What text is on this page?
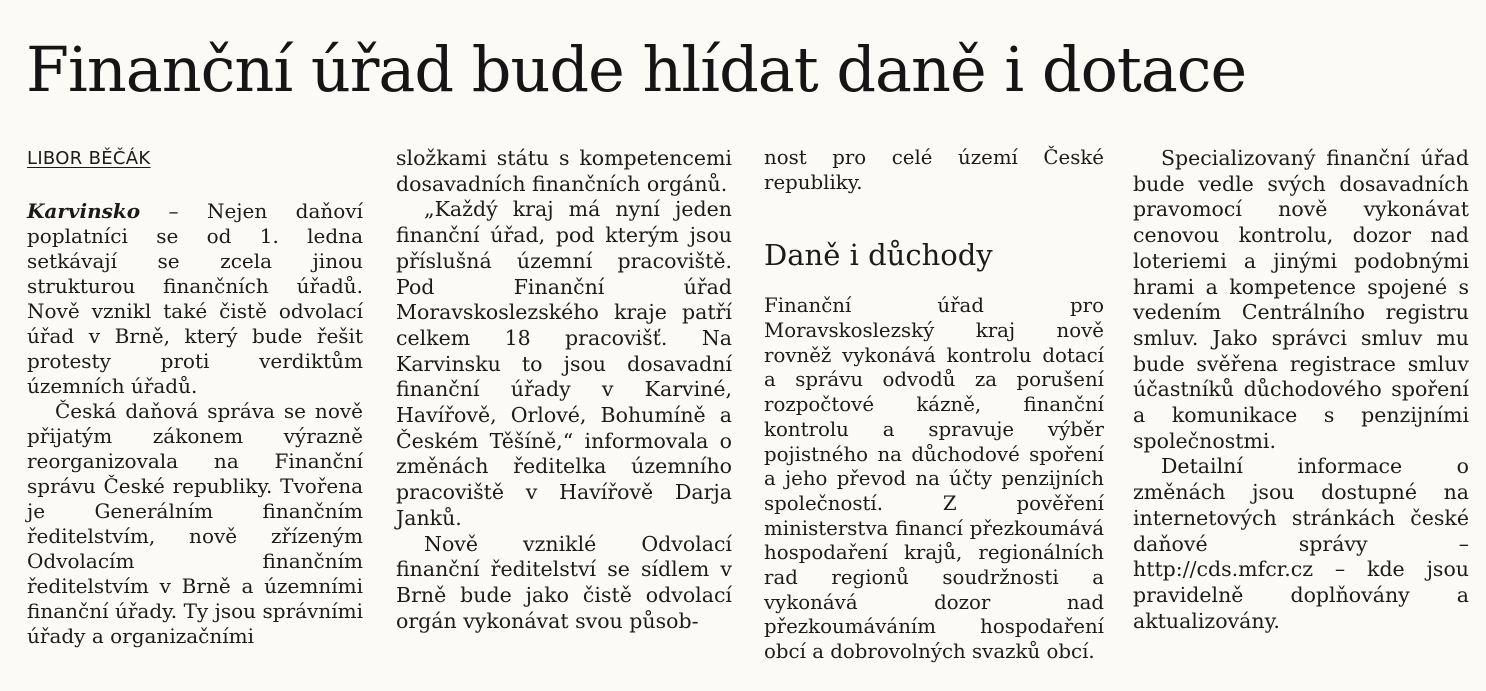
Finanční úřad bude hlídat daně i dotace

LIBOR BĚČÁK

Karvinsko – Nejen daňoví poplatníci se od 1. ledna setkávají se zcela jinou strukturou finančních úřadů. Nově vznikl také čistě odvolací úřad v Brně, který bude řešit protesty proti verdiktům územních úřadů.

Česká daňová správa se nově přijatým zákonem výrazně reorganizovala na Finanční správu České republiky. Tvořena je Generálním finančním ředitelstvím, nově zřízeným Odvolacím finančním ředitelstvím v Brně a územními finanční úřady. Ty jsou správními úřady a organizačními

složkami státu s kompetencemi dosavadních finančních orgánů.

„Každý kraj má nyní jeden finanční úřad, pod kterým jsou příslušná územní pracoviště. Pod Finanční úřad Moravskoslezského kraje patří celkem 18 pracovišť. Na Karvinsku to jsou dosavadní finanční úřady v Karviné, Havířově, Orlové, Bohumíně a Českém Těšíně,“ informovala o změnách ředitelka územního pracoviště v Havířově Darja Janků.

Nově vzniklé Odvolací finanční ředitelství se sídlem v Brně bude jako čistě odvolací orgán vykonávat svou působ-

nost pro celé území České republiky.

Daně i důchody

Finanční úřad pro Moravskoslezský kraj nově rovněž vykonává kontrolu dotací a správu odvodů za porušení rozpočtové kázně, finanční kontrolu a spravuje výběr pojistného na důchodové spoření a jeho převod na účty penzijních společností. Z pověření ministerstva financí přezkoumává hospodaření krajů, regionálních rad regionů soudržnosti a vykonává dozor nad přezkoumáváním hospodaření obcí a dobrovolných svazků obcí.

Specializovaný finanční úřad bude vedle svých dosavadních pravomocí nově vykonávat cenovou kontrolu, dozor nad loteriemi a jinými podobnými hrami a kompetence spojené s vedením Centrálního registru smluv. Jako správci smluv mu bude svěřena registrace smluv účastníků důchodového spoření a komunikace s penzijními společnostmi.

Detailní informace o změnách jsou dostupné na internetových stránkách české daňové správy – http://cds.mfcr.cz – kde jsou pravidelně doplňovány a aktualizovány.
